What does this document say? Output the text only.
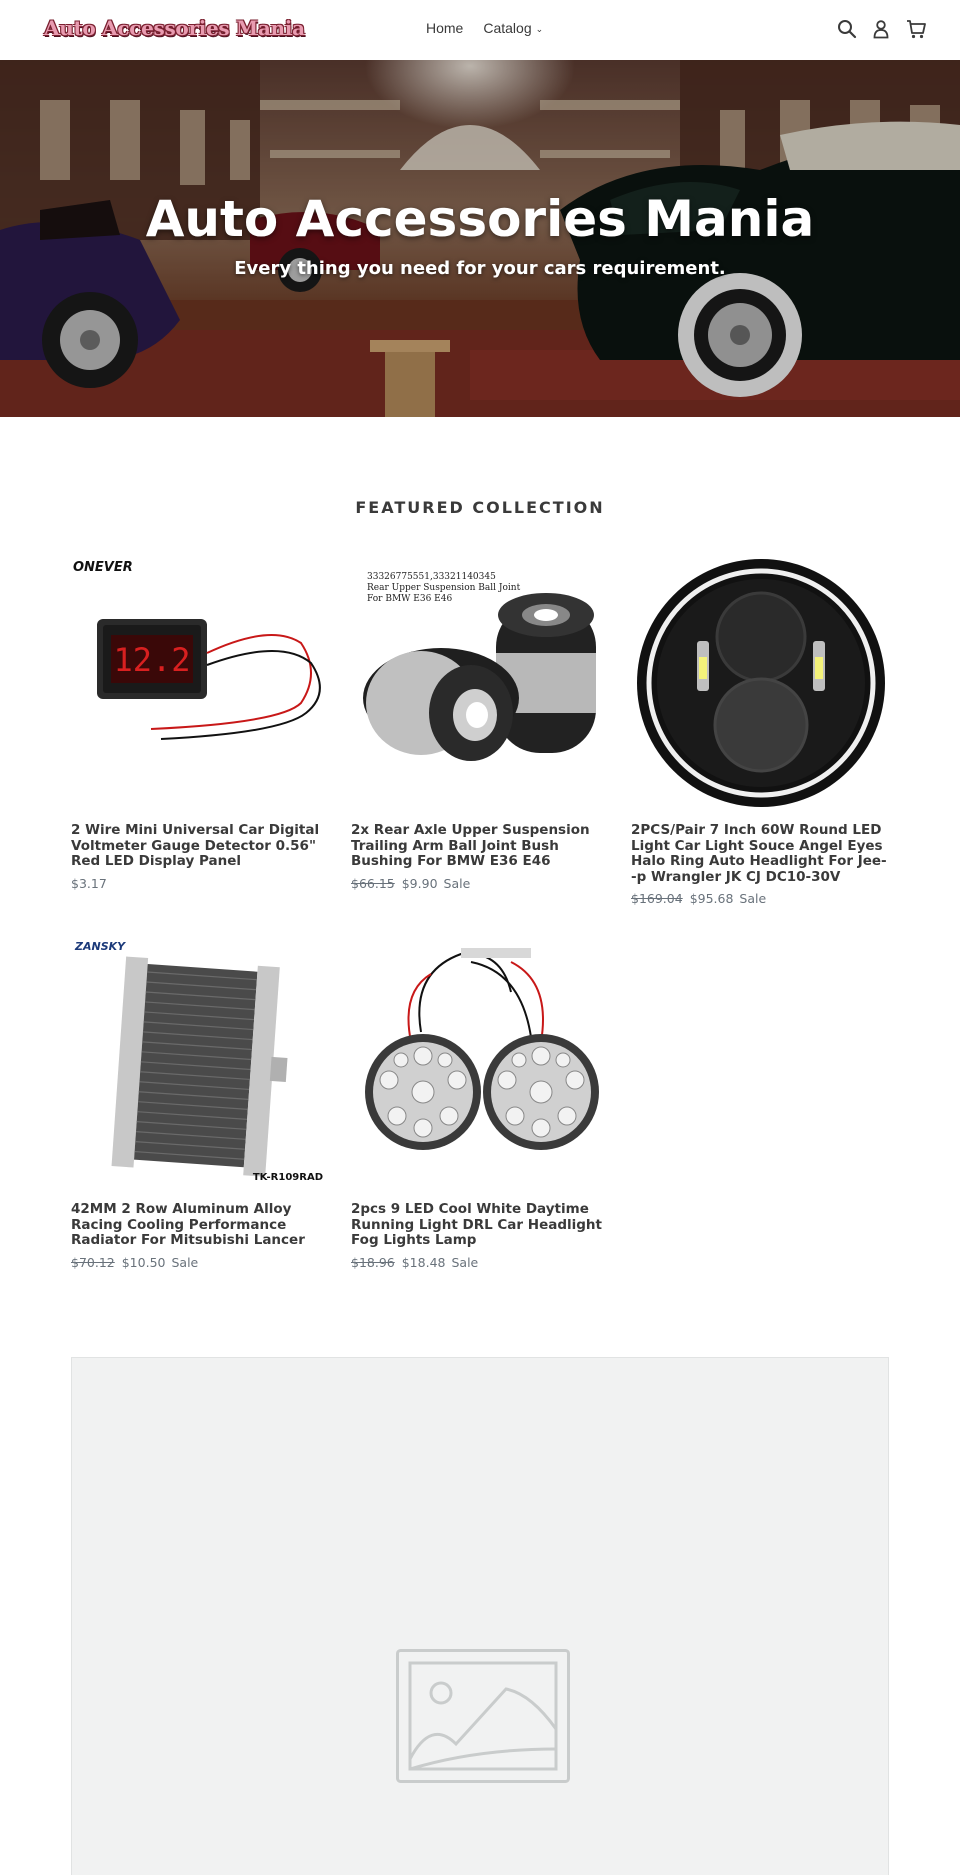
Auto Accessories Mania	Home Catalog ⌄
Auto Accessories Mania
Every thing you need for your cars requirement.
FEATURED COLLECTION
ONEVER
12.2
2 Wire Mini Universal Car Digital Voltmeter Gauge Detector 0.56" Red LED Display Panel
$3.17
33326775551,33321140345
Rear Upper Suspension Ball Joint
For BMW E36 E46
2x Rear Axle Upper Suspension Trailing Arm Ball Joint Bush Bushing For BMW E36 E46
$66.15 $9.90 Sale
2PCS/Pair 7 Inch 60W Round LED Light Car Light Souce Angel Eyes Halo Ring Auto Headlight For Jee--p Wrangler JK CJ DC10-30V
$169.04 $95.68 Sale
ZANSKY
TK-R109RAD
42MM 2 Row Aluminum Alloy Racing Cooling Performance Radiator For Mitsubishi Lancer
$70.12 $10.50 Sale
2pcs 9 LED Cool White Daytime Running Light DRL Car Headlight Fog Lights Lamp
$18.96 $18.48 Sale
